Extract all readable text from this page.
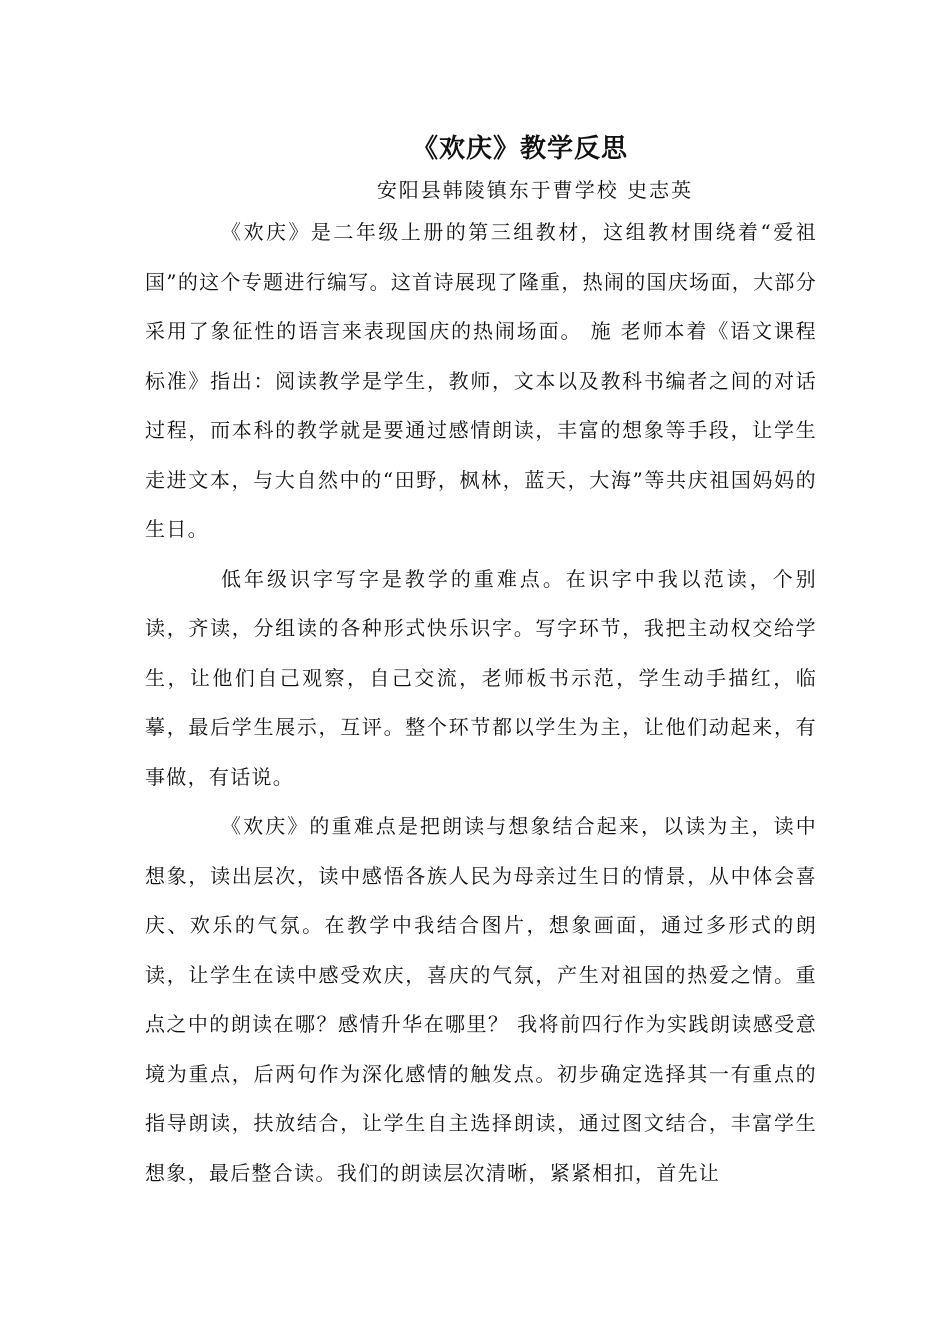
《欢庆》教学反思
安阳县韩陵镇东于曹学校 史志英

《欢庆》是二年级上册的第三组教材，这组教材围绕着“爱祖国”的这个专题进行编写。这首诗展现了隆重，热闹的国庆场面，大部分采用了象征性的语言来表现国庆的热闹场面。 施 老师本着《语文课程标准》指出：阅读教学是学生，教师，文本以及教科书编者之间的对话过程，而本科的教学就是要通过感情朗读，丰富的想象等手段，让学生走进文本，与大自然中的“田野，枫林，蓝天，大海”等共庆祖国妈妈的生日。

低年级识字写字是教学的重难点。在识字中我以范读，个别读，齐读，分组读的各种形式快乐识字。写字环节，我把主动权交给学生，让他们自己观察，自己交流，老师板书示范，学生动手描红，临摹，最后学生展示，互评。整个环节都以学生为主，让他们动起来，有事做，有话说。

《欢庆》的重难点是把朗读与想象结合起来，以读为主，读中想象，读出层次，读中感悟各族人民为母亲过生日的情景，从中体会喜庆、欢乐的气氛。在教学中我结合图片，想象画面，通过多形式的朗读，让学生在读中感受欢庆，喜庆的气氛，产生对祖国的热爱之情。重点之中的朗读在哪？感情升华在哪里？ 我将前四行作为实践朗读感受意境为重点，后两句作为深化感情的触发点。初步确定选择其一有重点的指导朗读，扶放结合，让学生自主选择朗读，通过图文结合，丰富学生想象，最后整合读。我们的朗读层次清晰，紧紧相扣，首先让
